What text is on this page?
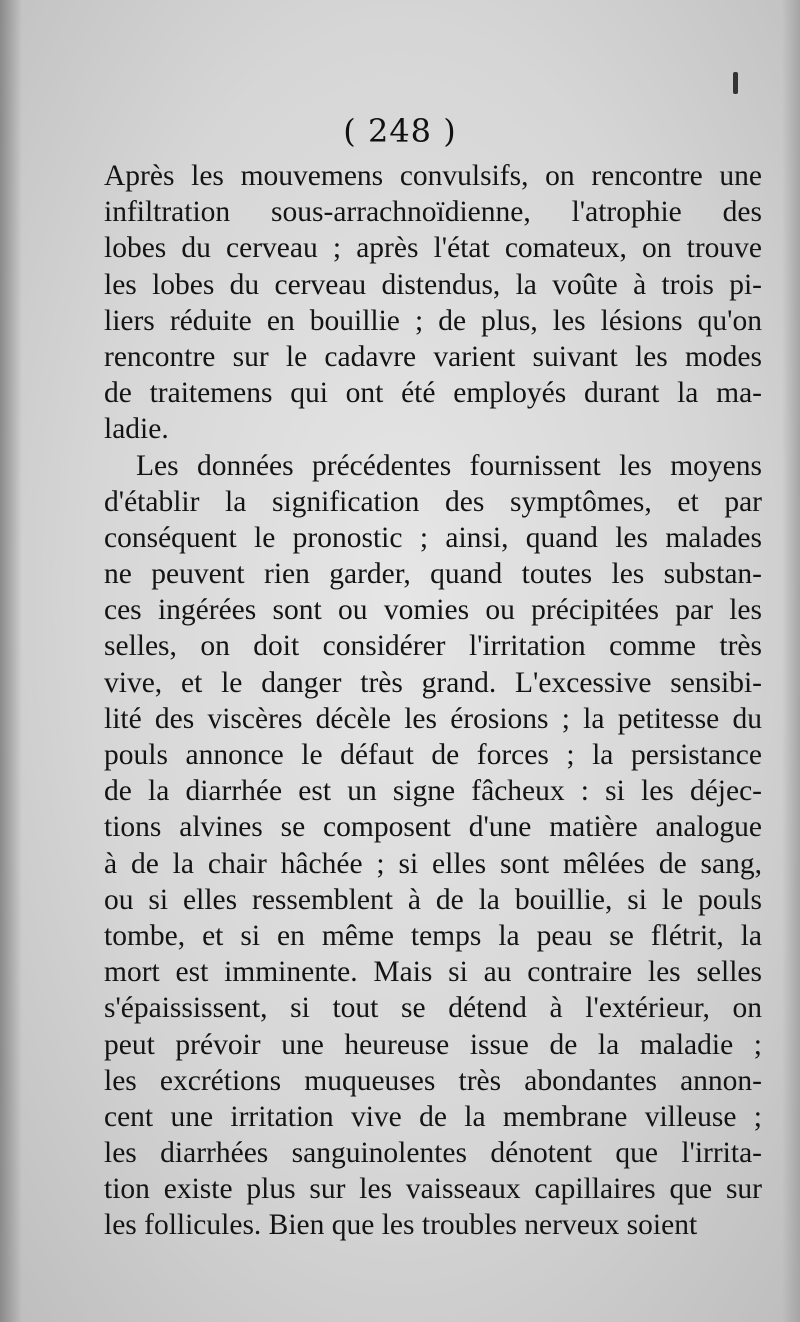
( 248 )
Après les mouvemens convulsifs, on rencontre une
infiltration sous-arrachnoïdienne, l'atrophie des
lobes du cerveau ; après l'état comateux, on trouve
les lobes du cerveau distendus, la voûte à trois pi-
liers réduite en bouillie ; de plus, les lésions qu'on
rencontre sur le cadavre varient suivant les modes
de traitemens qui ont été employés durant la ma-
ladie.
Les données précédentes fournissent les moyens
d'établir la signification des symptômes, et par
conséquent le pronostic ; ainsi, quand les malades
ne peuvent rien garder, quand toutes les substan-
ces ingérées sont ou vomies ou précipitées par les
selles, on doit considérer l'irritation comme très
vive, et le danger très grand. L'excessive sensibi-
lité des viscères décèle les érosions ; la petitesse du
pouls annonce le défaut de forces ; la persistance
de la diarrhée est un signe fâcheux : si les déjec-
tions alvines se composent d'une matière analogue
à de la chair hâchée ; si elles sont mêlées de sang,
ou si elles ressemblent à de la bouillie, si le pouls
tombe, et si en même temps la peau se flétrit, la
mort est imminente. Mais si au contraire les selles
s'épaississent, si tout se détend à l'extérieur, on
peut prévoir une heureuse issue de la maladie ;
les excrétions muqueuses très abondantes annon-
cent une irritation vive de la membrane villeuse ;
les diarrhées sanguinolentes dénotent que l'irrita-
tion existe plus sur les vaisseaux capillaires que sur
les follicules. Bien que les troubles nerveux soient
